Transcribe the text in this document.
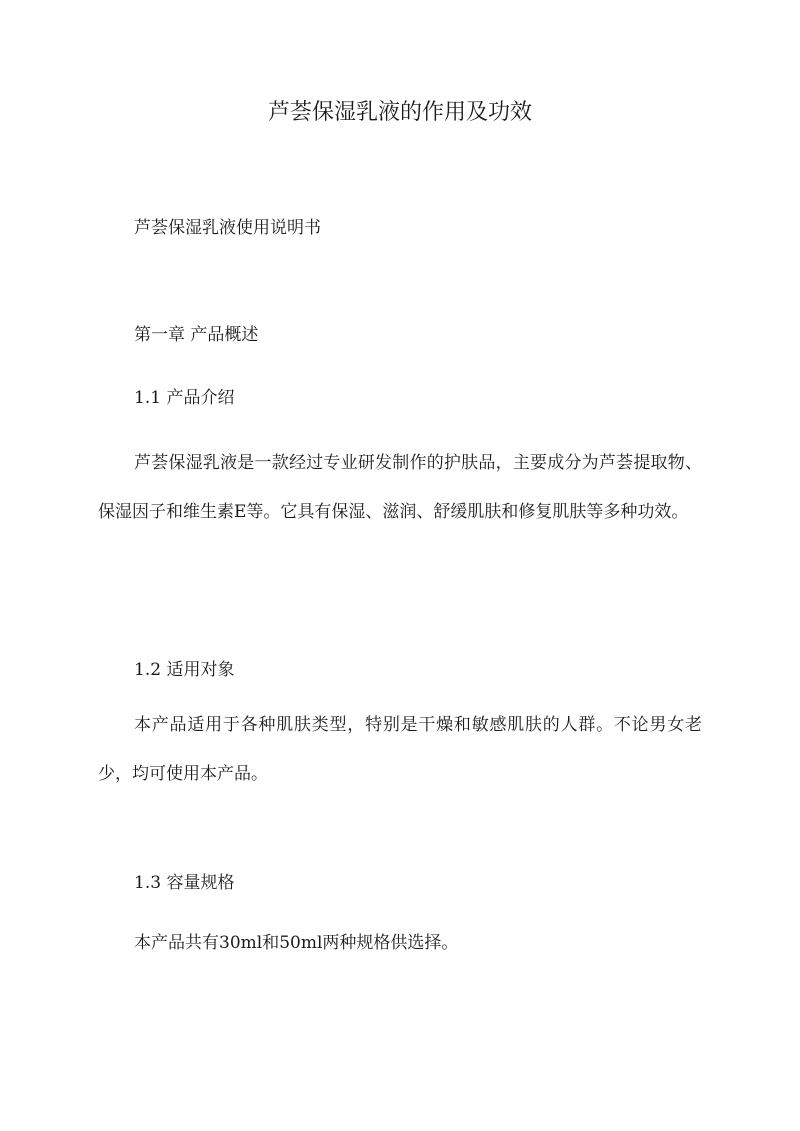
芦荟保湿乳液的作用及功效

芦荟保湿乳液使用说明书

第一章 产品概述

1.1 产品介绍

芦荟保湿乳液是一款经过专业研发制作的护肤品，主要成分为芦荟提取物、保湿因子和维生素E等。它具有保湿、滋润、舒缓肌肤和修复肌肤等多种功效。

1.2 适用对象

本产品适用于各种肌肤类型，特别是干燥和敏感肌肤的人群。不论男女老少，均可使用本产品。

1.3 容量规格

本产品共有30ml和50ml两种规格供选择。
